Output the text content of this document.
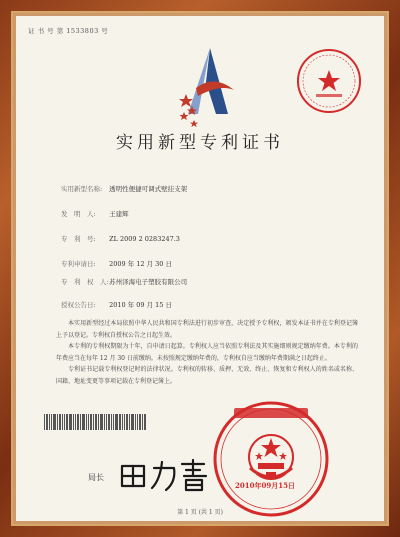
证 书 号 第 1533803 号
实用新型专利证书
实用新型名称: 透明性便捷可调式壁挂支架
发　明　人: 王建辉
专　利　号: ZL 2009 2 0283247.3
专利申请日: 2009 年 12 月 30 日
专　利　权　人: 苏州泽海电子塑胶有限公司
授权公告日: 2010 年 09 月 15 日

本实用新型经过本局依照中华人民共和国专利法进行初步审查，决定授予专利权，颁发本证书并在专利登记簿上予以登记。专利权自授权公告之日起生效。

本专利的专利权期限为十年，自申请日起算。专利权人应当依照专利法及其实施细则规定缴纳年费。本专利的年费应当在每年 12 月 30 日前缴纳。未按照规定缴纳年费的，专利权自应当缴纳年费期满之日起终止。

专利证书记载专利权登记时的法律状况。专利权的转移、质押、无效、终止、恢复和专利权人的姓名或名称、国籍、地址变更等事项记载在专利登记簿上。

局长
2010年09月15日
第 1 页 (共 1 页)
